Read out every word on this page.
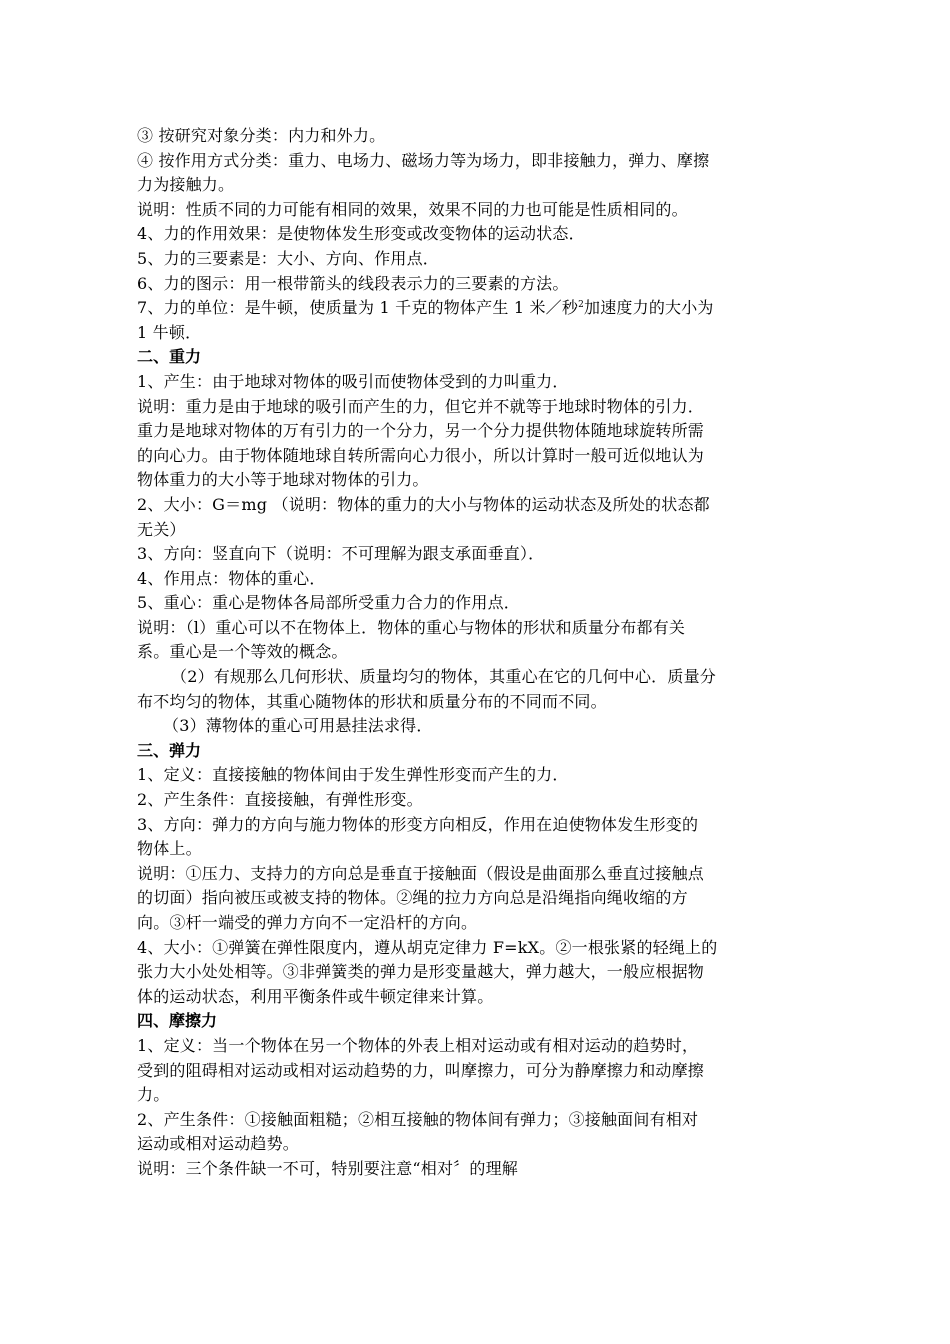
③ 按研究对象分类：内力和外力。
④ 按作用方式分类：重力、电场力、磁场力等为场力，即非接触力，弹力、摩擦
力为接触力。
说明：性质不同的力可能有相同的效果，效果不同的力也可能是性质相同的。
4、力的作用效果：是使物体发生形变或改变物体的运动状态．
5、力的三要素是：大小、方向、作用点．
6、力的图示：用一根带箭头的线段表示力的三要素的方法。
7、力的单位：是牛顿，使质量为 1 千克的物体产生 1 米／秒$^2$加速度力的大小为
1 牛顿．
二、重力
1、产生：由于地球对物体的吸引而使物体受到的力叫重力．
说明：重力是由于地球的吸引而产生的力，但它并不就等于地球时物体的引力．
重力是地球对物体的万有引力的一个分力，另一个分力提供物体随地球旋转所需
的向心力。由于物体随地球自转所需向心力很小，所以计算时一般可近似地认为
物体重力的大小等于地球对物体的引力。
2、大小：G＝mg （说明：物体的重力的大小与物体的运动状态及所处的状态都
无关）
3、方向：竖直向下（说明：不可理解为跟支承面垂直）．
4、作用点：物体的重心．
5、重心：重心是物体各局部所受重力合力的作用点．
说明：（l）重心可以不在物体上．物体的重心与物体的形状和质量分布都有关
系。重心是一个等效的概念。
（2）有规那么几何形状、质量均匀的物体，其重心在它的几何中心．质量分
布不均匀的物体，其重心随物体的形状和质量分布的不同而不同。
（3）薄物体的重心可用悬挂法求得．
三、弹力
1、定义：直接接触的物体间由于发生弹性形变而产生的力．
2、产生条件：直接接触，有弹性形变。
3、方向：弹力的方向与施力物体的形变方向相反，作用在迫使物体发生形变的
物体上。
说明：①压力、支持力的方向总是垂直于接触面（假设是曲面那么垂直过接触点
的切面）指向被压或被支持的物体。②绳的拉力方向总是沿绳指向绳收缩的方
向。③杆一端受的弹力方向不一定沿杆的方向。
4、大小：①弹簧在弹性限度内，遵从胡克定律力 F=kX。②一根张紧的轻绳上的
张力大小处处相等。③非弹簧类的弹力是形变量越大，弹力越大，一般应根据物
体的运动状态，利用平衡条件或牛顿定律来计算。
四、摩擦力
1、定义：当一个物体在另一个物体的外表上相对运动或有相对运动的趋势时，
受到的阻碍相对运动或相对运动趋势的力，叫摩擦力，可分为静摩擦力和动摩擦
力。
2、产生条件：①接触面粗糙；②相互接触的物体间有弹力；③接触面间有相对
运动或相对运动趋势。
说明：三个条件缺一不可，特别要注意“相对〞的理解
